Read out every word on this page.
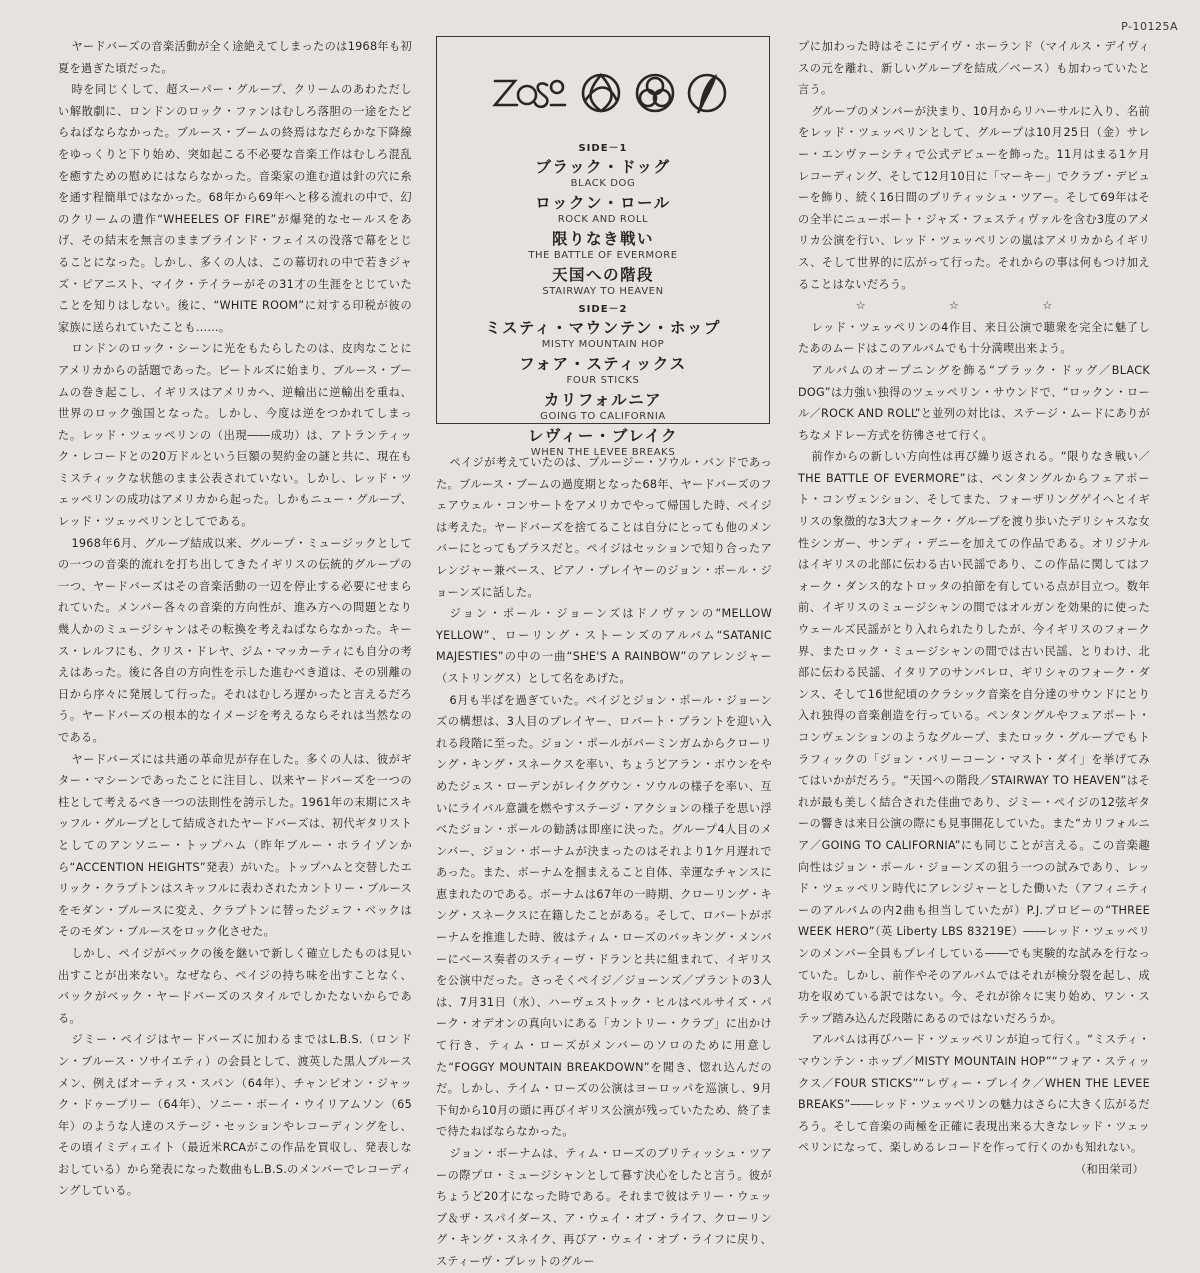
P-10125A

ヤードバーズの音楽活動が全く途絶えてしまったのは1968年も初夏を過ぎた頃だった。

時を同じくして、超スーパー・グループ、クリームのあわただしい解散劇に、ロンドンのロック・ファンはむしろ落胆の一途をたどらねばならなかった。ブルース・ブームの終焉はなだらかな下降線をゆっくりと下り始め、突如起こる不必要な音楽工作はむしろ混乱を癒すための慰めにはならなかった。音楽家の進む道は針の穴に糸を通す程簡単ではなかった。68年から69年へと移る流れの中で、幻のクリームの遺作“WHEELES OF FIRE”が爆発的なセールスをあげ、その結末を無言のままブラインド・フェイスの没落で幕をとじることになった。しかし、多くの人は、この幕切れの中で若きジャズ・ピアニスト、マイク・テイラーがその31才の生涯をとじていたことを知りはしない。後に、“WHITE ROOM”に対する印税が彼の家族に送られていたことも……。

ロンドンのロック・シーンに光をもたらしたのは、皮肉なことにアメリカからの話題であった。ビートルズに始まり、ブルース・ブームの巻き起こし、イギリスはアメリカへ、逆輸出に逆輸出を重ね、世界のロック強国となった。しかし、今度は逆をつかれてしまった。レッド・ツェッペリンの（出現――成功）は、アトランティック・レコードとの20万ドルという巨額の契約金の謎と共に、現在もミスティックな状態のまま公表されていない。しかし、レッド・ツェッペリンの成功はアメリカから起った。しかもニュー・グループ、レッド・ツェッペリンとしてである。

1968年6月、グループ結成以来、グループ・ミュージックとしての一つの音楽的流れを打ち出してきたイギリスの伝統的グループの一つ、ヤードバーズはその音楽活動の一辺を停止する必要にせまられていた。メンバー各々の音楽的方向性が、進み方への問題となり幾人かのミュージシャンはその転換を考えねばならなかった。キース・レルフにも、クリス・ドレヤ、ジム・マッカーティにも自分の考えはあった。後に各自の方向性を示した進むべき道は、その別離の日から序々に発展して行った。それはむしろ遅かったと言えるだろう。ヤードバーズの根本的なイメージを考えるならそれは当然なのである。

ヤードバーズには共通の革命児が存在した。多くの人は、彼がギター・マシーンであったことに注目し、以来ヤードバーズを一つの柱として考えるべき一つの法則性を誇示した。1961年の末期にスキッフル・グループとして結成されたヤードバーズは、初代ギタリストとしてのアンソニー・トップハム（昨年ブルー・ホライゾンから“ACCENTION HEIGHTS”発表）がいた。トップハムと交替したエリック・クラプトンはスキッフルに表わされたカントリー・ブルースをモダン・ブルースに変え、クラプトンに替ったジェフ・ベックはそのモダン・ブルースをロック化させた。

しかし、ペイジがベックの後を継いで新しく確立したものは見い出すことが出来ない。なぜなら、ペイジの持ち味を出すことなく、バックがベック・ヤードバーズのスタイルでしかたないからである。

ジミー・ペイジはヤードバーズに加わるまではL.B.S.（ロンドン・ブルース・ソサイエティ）の会員として、渡英した黒人ブルースメン、例えばオーティス・スパン（64年）、チャンピオン・ジャック・ドゥープリー（64年）、ソニー・ボーイ・ウイリアムソン（65年）のような人達のステージ・セッションやレコーディングをし、その頃イミディエイト（最近米RCAがこの作品を買収し、発表しなおしている）から発表になった数曲もL.B.S.のメンバーでレコーディングしている。

SIDE－1
ブラック・ドッグ
BLACK DOG
ロックン・ロール
ROCK AND ROLL
限りなき戦い
THE BATTLE OF EVERMORE
天国への階段
STAIRWAY TO HEAVEN
SIDE－2
ミスティ・マウンテン・ホップ
MISTY MOUNTAIN HOP
フォア・スティックス
FOUR STICKS
カリフォルニア
GOING TO CALIFORNIA
レヴィー・ブレイク
WHEN THE LEVEE BREAKS

ペイジが考えていたのは、ブルージー・ソウル・バンドであった。ブルース・ブームの過度期となった68年、ヤードバーズのフェアウェル・コンサートをアメリカでやって帰国した時、ペイジは考えた。ヤードバーズを捨てることは自分にとっても他のメンバーにとってもプラスだと。ペイジはセッションで知り合ったアレンジャー兼ベース、ピアノ・プレイヤーのジョン・ポール・ジョーンズに話した。

ジョン・ポール・ジョーンズはドノヴァンの“MELLOW YELLOW”、ローリング・ストーンズのアルバム“SATANIC MAJESTIES”の中の一曲“SHE'S A RAINBOW”のアレンジャー（ストリングス）として名をあげた。

6月も半ばを過ぎていた。ペイジとジョン・ポール・ジョーンズの構想は、3人目のプレイヤー、ロバート・プラントを迎い入れる段階に至った。ジョン・ポールがバーミンガムからクローリング・キング・スネークスを率い、ちょうどアラン・ボウンをやめたジェス・ローデンがレイクグウン・ソウルの様子を率い、互いにライバル意識を燃やすステージ・アクションの様子を思い浮べたジョン・ポールの勧誘は即座に決った。グループ4人目のメンバー、ジョン・ボーナムが決まったのはそれより1ケ月遅れであった。また、ボーナムを掴まえること自体、幸運なチャンスに恵まれたのである。ボーナムは67年の一時期、クローリング・キング・スネークスに在籍したことがある。そして、ロバートがボーナムを推進した時、彼はティム・ローズのバッキング・メンバーにベース奏者のスティーヴ・ドランと共に組まれて、イギリスを公演中だった。さっそくペイジ／ジョーンズ／プラントの3人は、7月31日（水）、ハーヴェストック・ヒルはベルサイズ・パーク・オデオンの真向いにある「カントリー・クラブ」に出かけて行き、ティム・ローズがメンバーのソロのために用意した“FOGGY MOUNTAIN BREAKDOWN”を聞き、惚れ込んだのだ。しかし、テイム・ローズの公演はヨーロッパを巡演し、9月下旬から10月の頭に再びイギリス公演が残っていたため、終了まで待たねばならなかった。

ジョン・ボーナムは、ティム・ローズのブリティッシュ・ツアーの際プロ・ミュージシャンとして暮す決心をしたと言う。彼がちょうど20才になった時である。それまで彼はテリー・ウェッブ＆ザ・スパイダース、ア・ウェイ・オブ・ライフ、クローリング・キング・スネイク、再びア・ウェイ・オブ・ライフに戻り、スティーヴ・ブレットのグルー

プに加わった時はそこにデイヴ・ホーランド（マイルス・デイヴィスの元を離れ、新しいグループを結成／ベース）も加わっていたと言う。

グループのメンバーが決まり、10月からリハーサルに入り、名前をレッド・ツェッペリンとして、グループは10月25日（金）サレー・エンヴァーシティで公式デビューを飾った。11月はまる1ケ月レコーディング、そして12月10日に「マーキー」でクラブ・デビューを飾り、続く16日間のブリティッシュ・ツアー。そして69年はその全半にニューポート・ジャズ・フェスティヴァルを含む3度のアメリカ公演を行い、レッド・ツェッペリンの嵐はアメリカからイギリス、そして世界的に広がって行った。それからの事は何もつけ加えることはないだろう。

☆ ☆ ☆

レッド・ツェッペリンの4作目、来日公演で聴衆を完全に魅了したあのムードはこのアルバムでも十分満喫出来よう。

アルバムのオープニングを飾る“ブラック・ドッグ／BLACK DOG”は力強い独得のツェッペリン・サウンドで、“ロックン・ロール／ROCK AND ROLL”と並列の対比は、ステージ・ムードにありがちなメドレー方式を彷彿させて行く。

前作からの新しい方向性は再び繰り返される。“限りなき戦い／THE BATTLE OF EVERMORE”は、ペンタングルからフェアポート・コンヴェンション、そしてまた、フォーザリングゲイへとイギリスの象徴的な3大フォーク・グループを渡り歩いたデリシャスな女性シンガー、サンディ・デニーを加えての作品である。オリジナルはイギリスの北部に伝わる古い民謡であり、この作品に関してはフォーク・ダンス的なトロッタの拍節を有している点が目立つ。数年前、イギリスのミュージシャンの間ではオルガンを効果的に使ったウェールズ民謡がとり入れられたりしたが、今イギリスのフォーク界、またロック・ミュージシャンの間では古い民謡、とりわけ、北部に伝わる民謡、イタリアのサンバレロ、ギリシャのフォーク・ダンス、そして16世紀頃のクラシック音楽を自分達のサウンドにとり入れ独得の音楽創造を行っている。ペンタングルやフェアポート・コンヴェンションのようなグループ、またロック・グループでもトラフィックの「ジョン・バリーコーン・マスト・ダイ」を挙げてみてはいかがだろう。“天国への階段／STAIRWAY TO HEAVEN”はそれが最も美しく結合された佳曲であり、ジミー・ペイジの12弦ギターの響きは来日公演の際にも見事開花していた。また“カリフォルニア／GOING TO CALIFORNIA”にも同じことが言える。この音楽趣向性はジョン・ポール・ジョーンズの狙う一つの試みであり、レッド・ツェッペリン時代にアレンジャーとした働いた（アフィニティーのアルバムの内2曲も担当していたが）P.J.プロビーの“THREE WEEK HERO”（英 Liberty LBS 83219E）――レッド・ツェッペリンのメンバー全員もプレイしている――でも実験的な試みを行なっていた。しかし、前作やそのアルバムではそれが検分裂を起し、成功を収めている訳ではない。今、それが徐々に実り始め、ワン・ステップ踏み込んだ段階にあるのではないだろうか。

アルバムは再びハード・ツェッペリンが迫って行く。“ミスティ・マウンテン・ホップ／MISTY MOUNTAIN HOP”“フォア・スティックス／FOUR STICKS”“レヴィー・ブレイク／WHEN THE LEVEE BREAKS”――レッド・ツェッペリンの魅力はさらに大きく広がるだろう。そして音楽の両極を正確に表現出来る大きなレッド・ツェッペリンになって、楽しめるレコードを作って行くのかも知れない。

（和田栄司）
